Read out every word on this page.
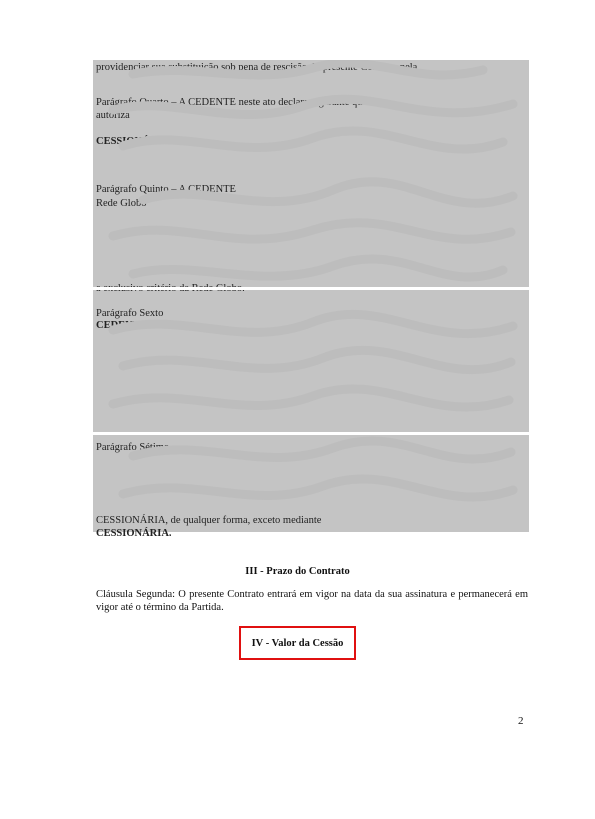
providenciar sua substituição sob pena de rescisão do presente Contrato pela
Parágrafo Quarto – A CEDENTE neste ato declara e garante que
autoriza
CESSIONÁRIA
Parágrafo Quinto – A CEDENTE
Rede Globo
Parágrafo Sexto
CEDENTE
Parágrafo Sétimo
CESSIONÁRIA, de qualquer forma, exceto mediante
CESSIONÁRIA.
III - Prazo do Contrato
Cláusula Segunda: O presente Contrato entrará em vigor na data da sua assinatura e permanecerá em vigor até o término da Partida.
IV - Valor da Cessão
2
